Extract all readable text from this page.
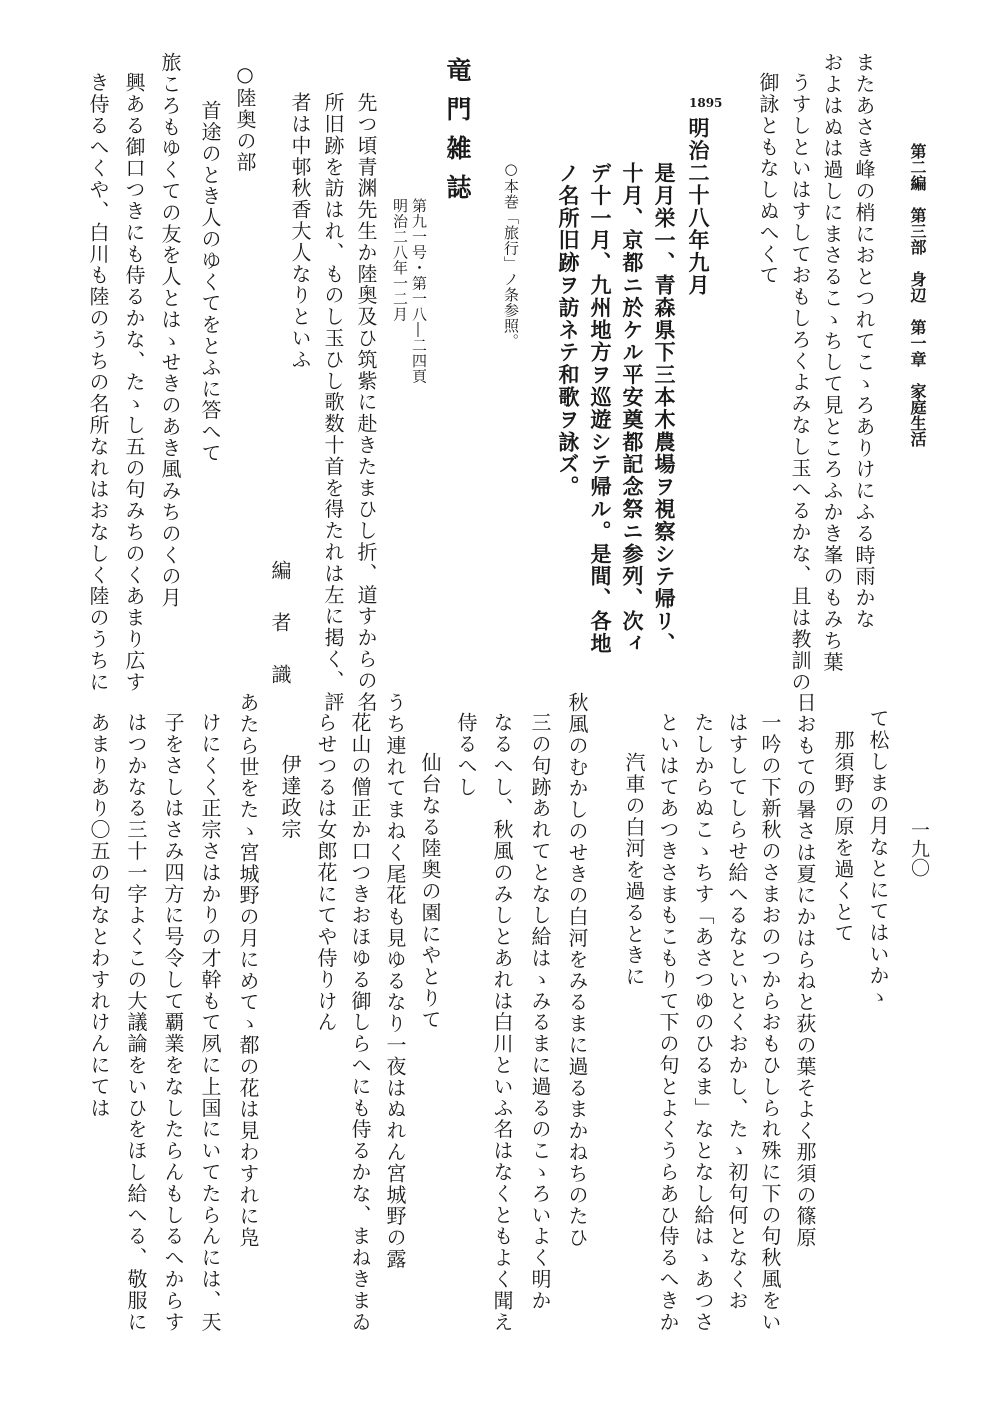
第二編　第三部　身辺　第一章　家庭生活
一九〇
またあさき峰の梢におとつれてこゝろありけにふる時雨かな
およはぬは過しにまさるこゝちして見ところふかき峯のもみち葉
うすしといはすしておもしろくよみなし玉へるかな、且は教訓の
御詠ともなしぬへくて
1895
明治二十八年九月
是月栄一、青森県下三本木農場ヲ視察シテ帰リ、
十月、京都ニ於ケル平安奠都記念祭ニ参列、次ィ
デ十一月、九州地方ヲ巡遊シテ帰ル。是間、各地
ノ名所旧跡ヲ訪ネテ和歌ヲ詠ズ。
○本巻「旅行」ノ条参照。
竜門雑誌
第九一号・第一八―二四頁
明治二八年一二月
先つ頃青渊先生か陸奥及ひ筑紫に赴きたまひし折、道すからの名
所旧跡を訪はれ、ものし玉ひし歌数十首を得たれは左に掲く、評
者は中邨秋香大人なりといふ
編　者　識
○陸奥の部
首途のとき人のゆくてをとふに答へて
旅ころもゆくての友を人とはゝせきのあき風みちのくの月
興ある御口つきにも侍るかな、たゝし五の句みちのくあまり広す
き侍るへくや、白川も陸のうちの名所なれはおなしく陸のうちに
て松しまの月なとにてはいかゝ
那須野の原を過くとて
日おもての暑さは夏にかはらねと荻の葉そよく那須の篠原
一吟の下新秋のさまおのつからおもひしられ殊に下の句秋風をい
はすしてしらせ給へるなといとくおかし、たゝ初句何となくお
たしからぬこゝちす「あさつゆのひるま」なとなし給はゝあつさ
といはてあつきさまもこもりて下の句とよくうらあひ侍るへきか
汽車の白河を過るときに
秋風のむかしのせきの白河をみるまに過るまかねちのたひ
三の句跡あれてとなし給はゝみるまに過るのこゝろいよく明か
なるへし、秋風のみしとあれは白川といふ名はなくともよく聞え
侍るへし
仙台なる陸奥の園にやとりて
うち連れてまねく尾花も見ゆるなり一夜はぬれん宮城野の露
花山の僧正か口つきおほゆる御しらへにも侍るかな、まねきまゐ
らせつるは女郎花にてや侍りけん
伊達政宗
あたら世をたゝ宮城野の月にめてゝ都の花は見わすれに凫
けにくく正宗さはかりの才幹もて夙に上国にいてたらんには、天
子をさしはさみ四方に号令して覇業をなしたらんもしるへからす
はつかなる三十一字よくこの大議論をいひをほし給へる、敬服に
あまりあり〇五の句なとわすれけんにては
